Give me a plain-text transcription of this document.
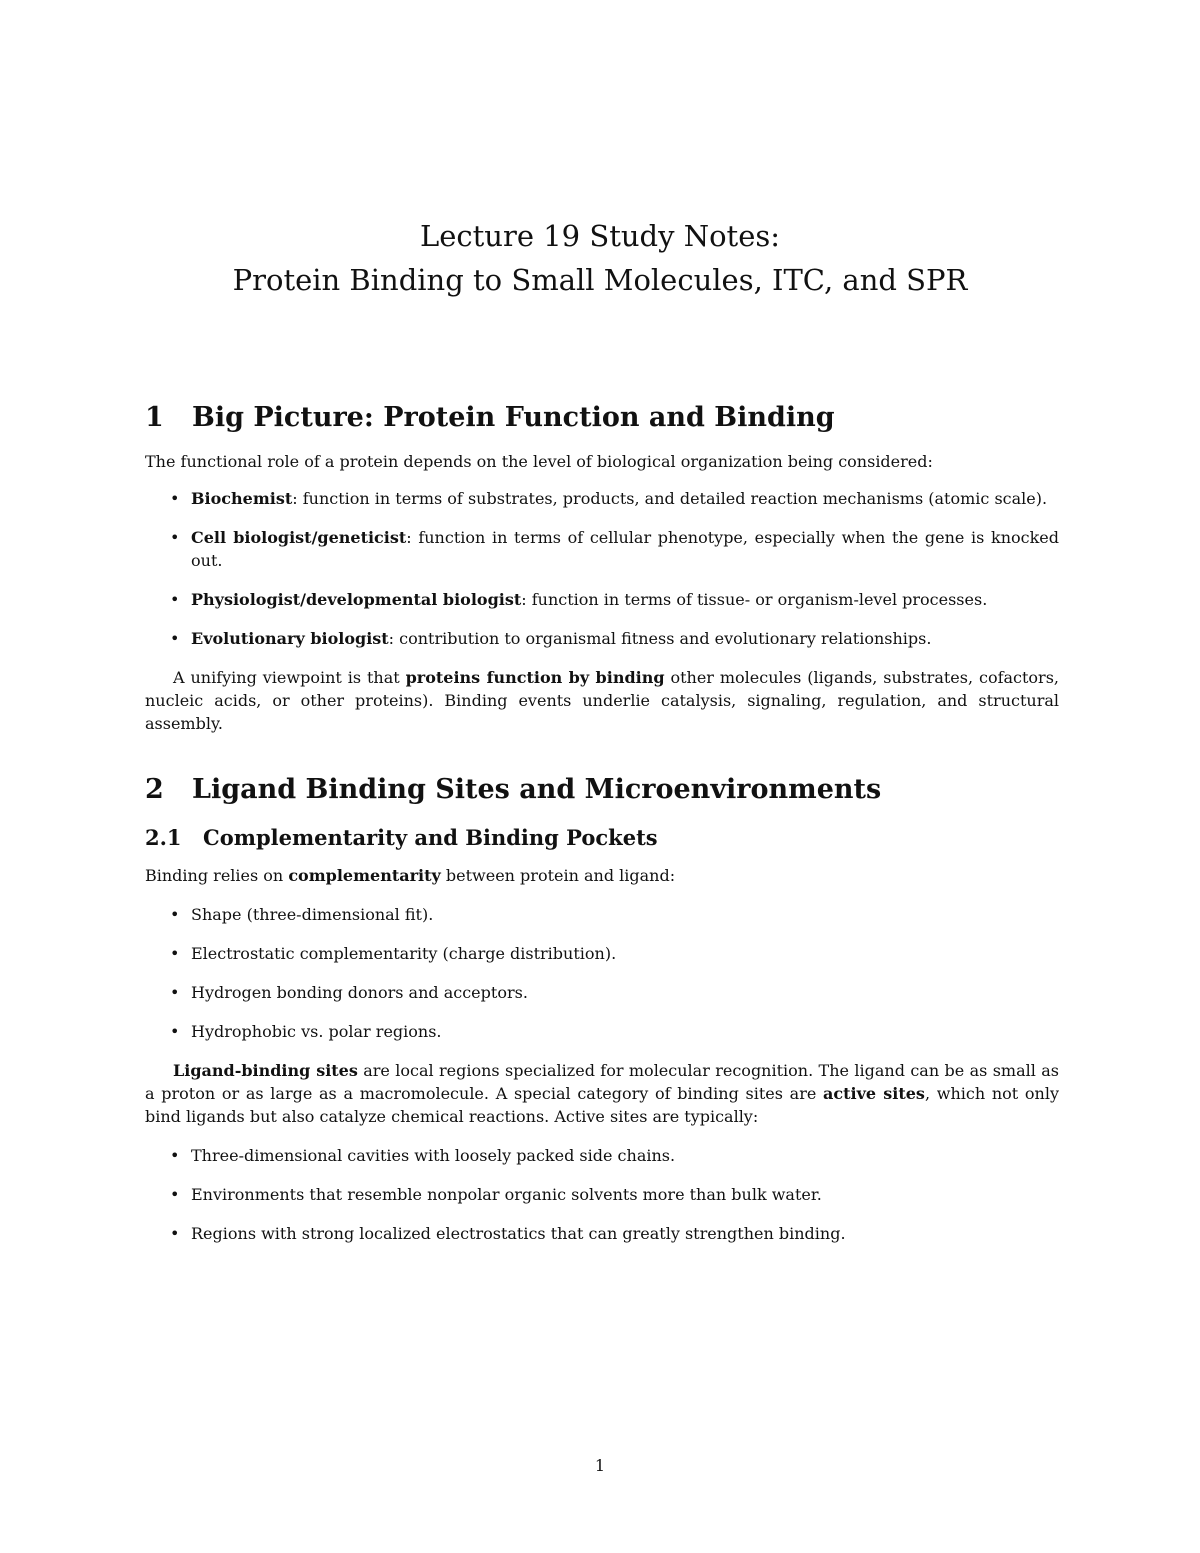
Lecture 19 Study Notes:
Protein Binding to Small Molecules, ITC, and SPR
1 Big Picture: Protein Function and Binding

The functional role of a protein depends on the level of biological organization being considered:

• Biochemist: function in terms of substrates, products, and detailed reaction mechanisms (atomic scale).
• Cell biologist/geneticist: function in terms of cellular phenotype, especially when the gene is knocked out.
• Physiologist/developmental biologist: function in terms of tissue- or organism-level processes.
• Evolutionary biologist: contribution to organismal fitness and evolutionary relationships.

A unifying viewpoint is that proteins function by binding other molecules (ligands, substrates, cofactors, nucleic acids, or other proteins). Binding events underlie catalysis, signaling, regulation, and structural assembly.

2 Ligand Binding Sites and Microenvironments
2.1 Complementarity and Binding Pockets

Binding relies on complementarity between protein and ligand:

• Shape (three-dimensional fit).
• Electrostatic complementarity (charge distribution).
• Hydrogen bonding donors and acceptors.
• Hydrophobic vs. polar regions.

Ligand-binding sites are local regions specialized for molecular recognition. The ligand can be as small as a proton or as large as a macromolecule. A special category of binding sites are active sites, which not only bind ligands but also catalyze chemical reactions. Active sites are typically:

• Three-dimensional cavities with loosely packed side chains.
• Environments that resemble nonpolar organic solvents more than bulk water.
• Regions with strong localized electrostatics that can greatly strengthen binding.
1
